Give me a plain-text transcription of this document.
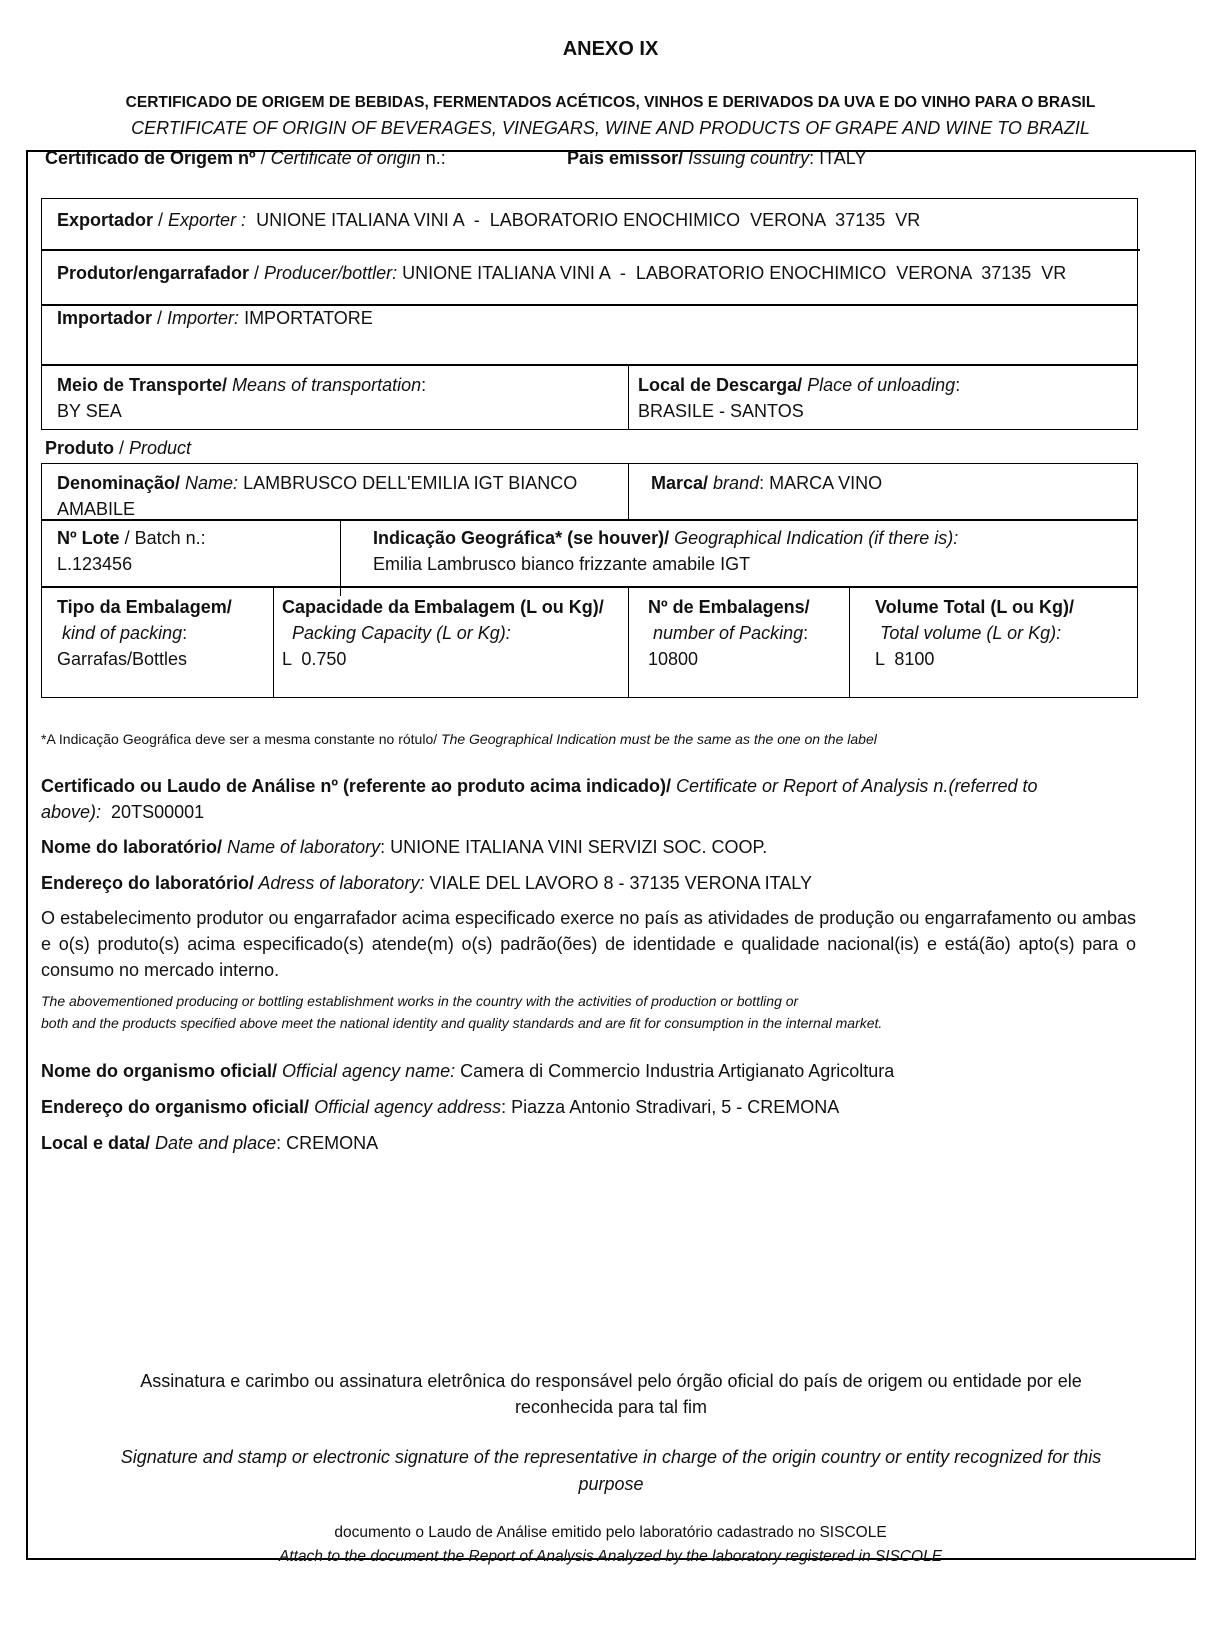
ANEXO IX
CERTIFICADO DE ORIGEM DE BEBIDAS, FERMENTADOS ACÉTICOS, VINHOS E DERIVADOS DA UVA E DO VINHO PARA O BRASIL
CERTIFICATE OF ORIGIN OF BEVERAGES, VINEGARS, WINE AND PRODUCTS OF GRAPE AND WINE TO BRAZIL
Certificado de Origem nº / Certificate of origin n.:	País emissor/ Issuing country: ITALY
Exportador / Exporter :  UNIONE ITALIANA VINI A  -  LABORATORIO ENOCHIMICO  VERONA  37135  VR
Produtor/engarrafador / Producer/bottler: UNIONE ITALIANA VINI A  -  LABORATORIO ENOCHIMICO  VERONA  37135  VR
Importador / Importer: IMPORTATORE
Meio de Transporte/ Means of transportation:
BY SEA
Local de Descarga/ Place of unloading:
BRASILE - SANTOS
Produto / Product
Denominação/ Name: LAMBRUSCO DELL'EMILIA IGT BIANCO
AMABILE
Marca/ brand: MARCA VINO
Nº Lote / Batch n.:
L.123456
Indicação Geográfica* (se houver)/ Geographical Indication (if there is):
Emilia Lambrusco bianco frizzante amabile IGT
Tipo da Embalagem/
kind of packing:
Garrafas/Bottles
Capacidade da Embalagem (L ou Kg)/
Packing Capacity (L or Kg):
L  0.750
Nº de Embalagens/
number of Packing:
10800
Volume Total (L ou Kg)/
Total volume (L or Kg):
L  8100
*A Indicação Geográfica deve ser a mesma constante no rótulo/ The Geographical Indication must be the same as the one on the label
Certificado ou Laudo de Análise nº (referente ao produto acima indicado)/ Certificate or Report of Analysis n.(referred to
above):  20TS00001
Nome do laboratório/ Name of laboratory: UNIONE ITALIANA VINI SERVIZI SOC. COOP.
Endereço do laboratório/ Adress of laboratory: VIALE DEL LAVORO 8 - 37135 VERONA ITALY
O estabelecimento produtor ou engarrafador acima especificado exerce no país as atividades de produção ou engarrafamento ou ambas e o(s) produto(s) acima especificado(s) atende(m) o(s) padrão(ões) de identidade e qualidade nacional(is) e está(ão) apto(s) para o consumo no mercado interno.
The abovementioned producing or bottling establishment works in the country with the activities of production or bottling or
both and the products specified above meet the national identity and quality standards and are fit for consumption in the internal market.
Nome do organismo oficial/ Official agency name: Camera di Commercio Industria Artigianato Agricoltura
Endereço do organismo oficial/ Official agency address: Piazza Antonio Stradivari, 5 - CREMONA
Local e data/ Date and place: CREMONA
Assinatura e carimbo ou assinatura eletrônica do responsável pelo órgão oficial do país de origem ou entidade por ele
reconhecida para tal fim
Signature and stamp or electronic signature of the representative in charge of the origin country or entity recognized for this
purpose
documento o Laudo de Análise emitido pelo laboratório cadastrado no SISCOLE
Attach to the document the Report of Analysis Analyzed by the laboratory registered in SISCOLE
